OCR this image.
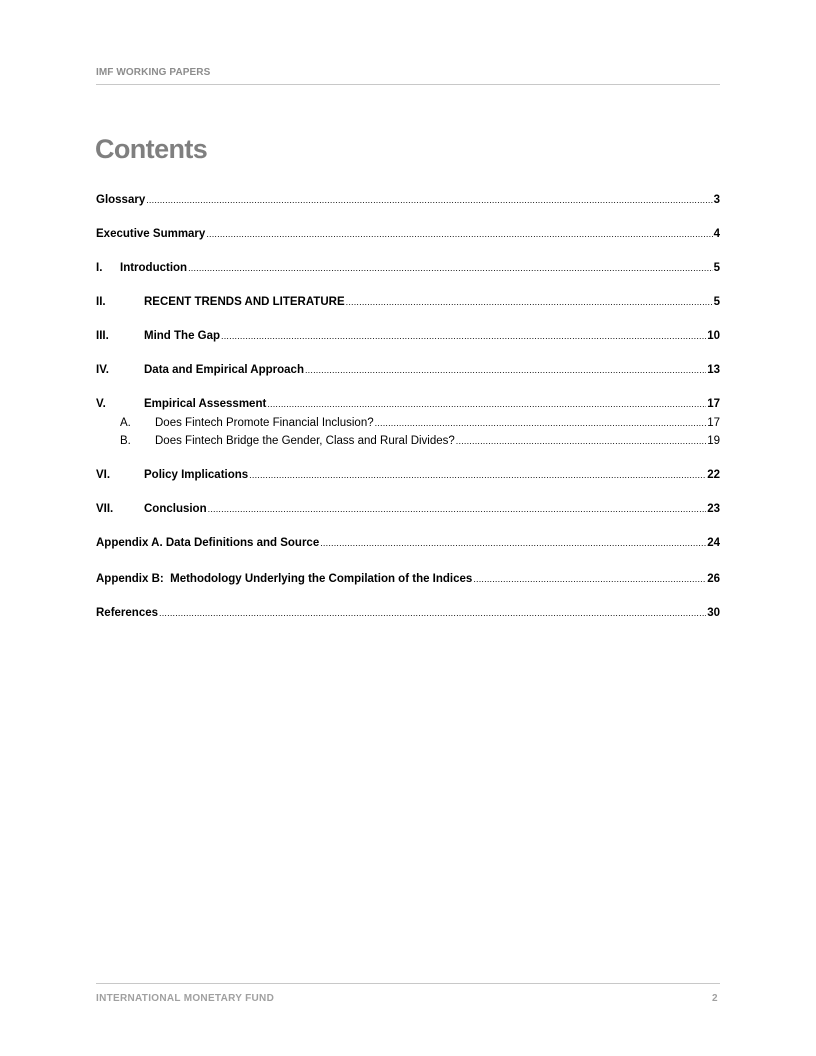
IMF WORKING PAPERS
Contents
Glossary .....	3
Executive Summary .....	4
I.	Introduction .....	5
II.	RECENT TRENDS AND LITERATURE .....	5
III.	Mind The Gap .....	10
IV.	Data and Empirical Approach .....	13
V.	Empirical Assessment .....	17
A.	Does Fintech Promote Financial Inclusion? .....	17
B.	Does Fintech Bridge the Gender, Class and Rural Divides? .....	19
VI.	Policy Implications .....	22
VII.	Conclusion .....	23
Appendix A. Data Definitions and Source .....	24
Appendix B:  Methodology Underlying the Compilation of the Indices .....	26
References .....	30
INTERNATIONAL MONETARY FUND	2
